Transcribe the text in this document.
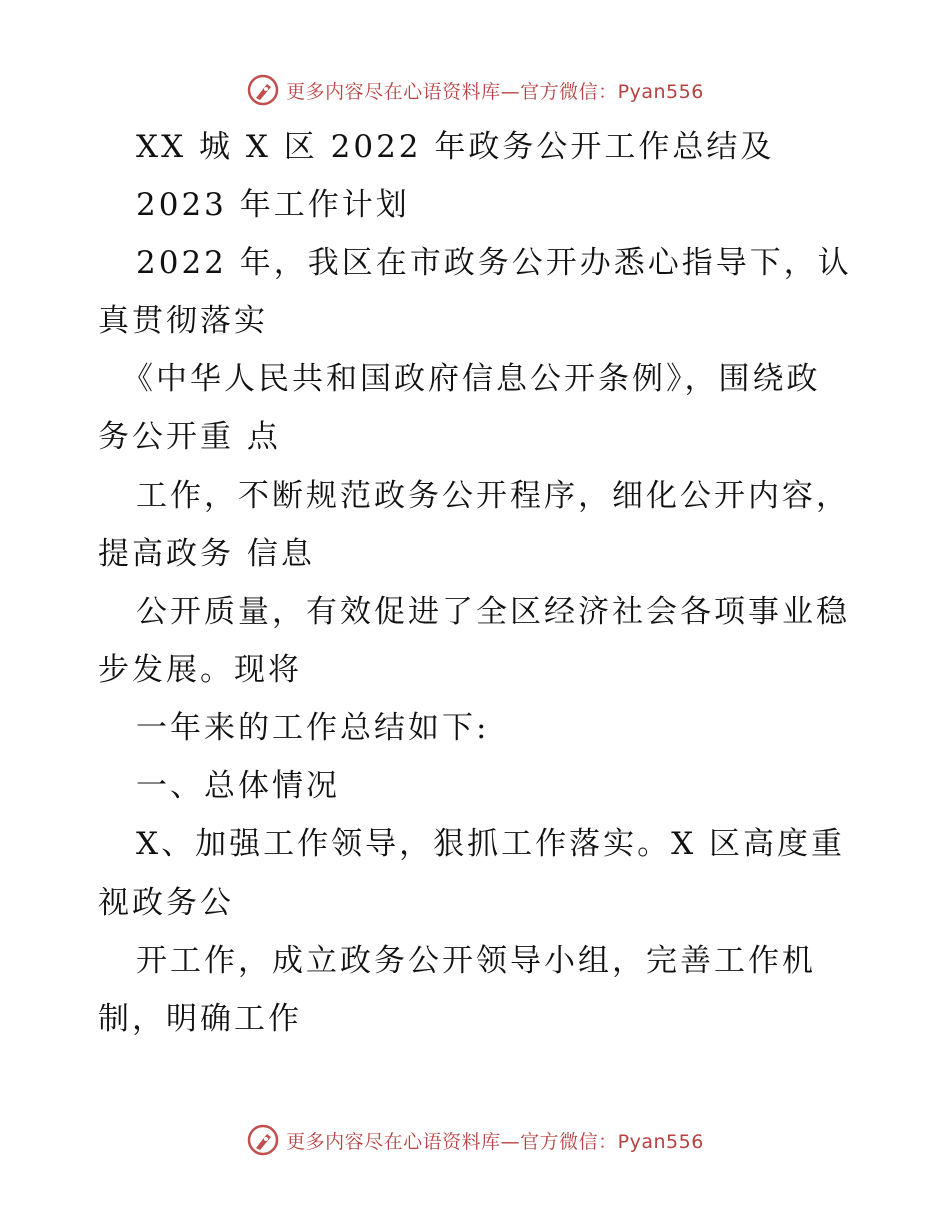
更多内容尽在心语资料库—官方微信：Pyan556
XX 城 X 区 2022 年政务公开工作总结及
2023 年工作计划
2022 年，我区在市政务公开办悉心指导下，认
真贯彻落实
《中华人民共和国政府信息公开条例》，围绕政
务公开重 点
工作，不断规范政务公开程序，细化公开内容，
提高政务 信息
公开质量，有效促进了全区经济社会各项事业稳
步发展。现将
一年来的工作总结如下:
一、总体情况
X、加强工作领导，狠抓工作落实。X 区高度重
视政务公
开工作，成立政务公开领导小组，完善工作机
制，明确工作
更多内容尽在心语资料库—官方微信：Pyan556
